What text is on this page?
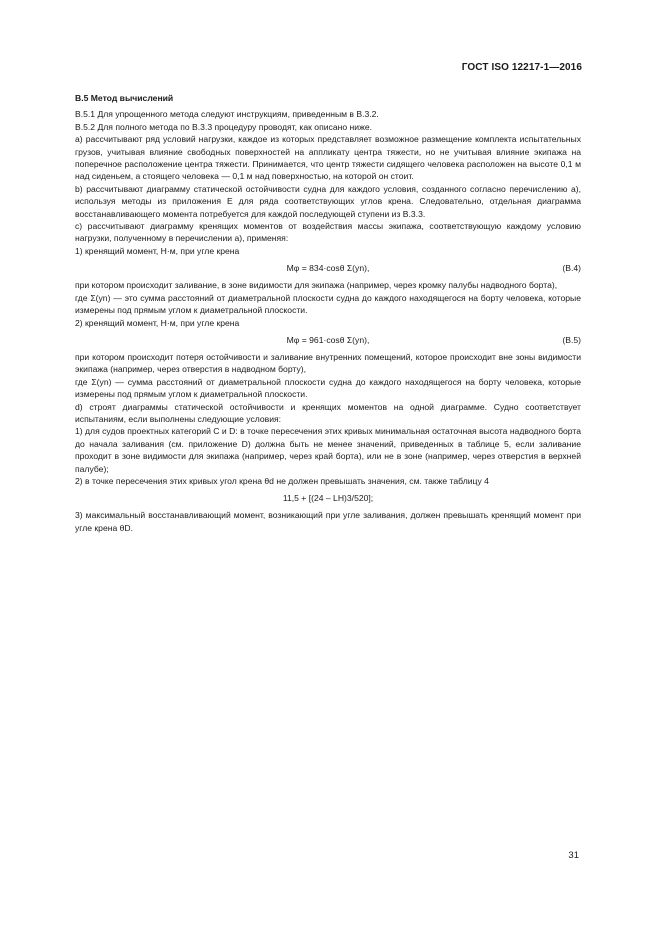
ГОСТ ISO 12217-1—2016
B.5 Метод вычислений

B.5.1 Для упрощенного метода следуют инструкциям, приведенным в B.3.2.

B.5.2 Для полного метода по B.3.3 процедуру проводят, как описано ниже.

а) рассчитывают ряд условий нагрузки, каждое из которых представляет возможное размещение комплекта испытательных грузов, учитывая влияние свободных поверхностей на аппликату центра тяжести, но не учитывая влияние экипажа на поперечное расположение центра тяжести. Принимается, что центр тяжести сидящего человека расположен на высоте 0,1 м над сиденьем, а стоящего человека — 0,1 м над поверхностью, на которой он стоит.

b) рассчитывают диаграмму статической остойчивости судна для каждого условия, созданного согласно перечислению а), используя методы из приложения E для ряда соответствующих углов крена. Следовательно, отдельная диаграмма восстанавливающего момента потребуется для каждой последующей ступени из B.3.3.

с) рассчитывают диаграмму кренящих моментов от воздействия массы экипажа, соответствующую каждому условию нагрузки, полученному в перечислении а), применяя:

1) кренящий момент, Н·м, при угле крена

Mφ = 834·cosθ Σ(yn),	(B.4)

при котором происходит заливание, в зоне видимости для экипажа (например, через кромку палубы надводного борта),

где Σ(yn) — это сумма расстояний от диаметральной плоскости судна до каждого находящегося на борту человека, которые измерены под прямым углом к диаметральной плоскости.

2) кренящий момент, Н·м, при угле крена

Mφ = 961·cosθ Σ(yn),	(B.5)

при котором происходит потеря остойчивости и заливание внутренних помещений, которое происходит вне зоны видимости экипажа (например, через отверстия в надводном борту),

где Σ(yn) — сумма расстояний от диаметральной плоскости судна до каждого находящегося на борту человека, которые измерены под прямым углом к диаметральной плоскости.

d) строят диаграммы статической остойчивости и кренящих моментов на одной диаграмме. Судно соответствует испытаниям, если выполнены следующие условия:

1) для судов проектных категорий С и D: в точке пересечения этих кривых минимальная остаточная высота надводного борта до начала заливания (см. приложение D) должна быть не менее значений, приведенных в таблице 5, если заливание проходит в зоне видимости для экипажа (например, через край борта), или не в зоне (например, через отверстия в верхней палубе);

2) в точке пересечения этих кривых угол крена θd не должен превышать значения, см. также таблицу 4

11,5 + [(24 – LH)3/520];

3) максимальный восстанавливающий момент, возникающий при угле заливания, должен превышать кренящий момент при угле крена θD.

31
